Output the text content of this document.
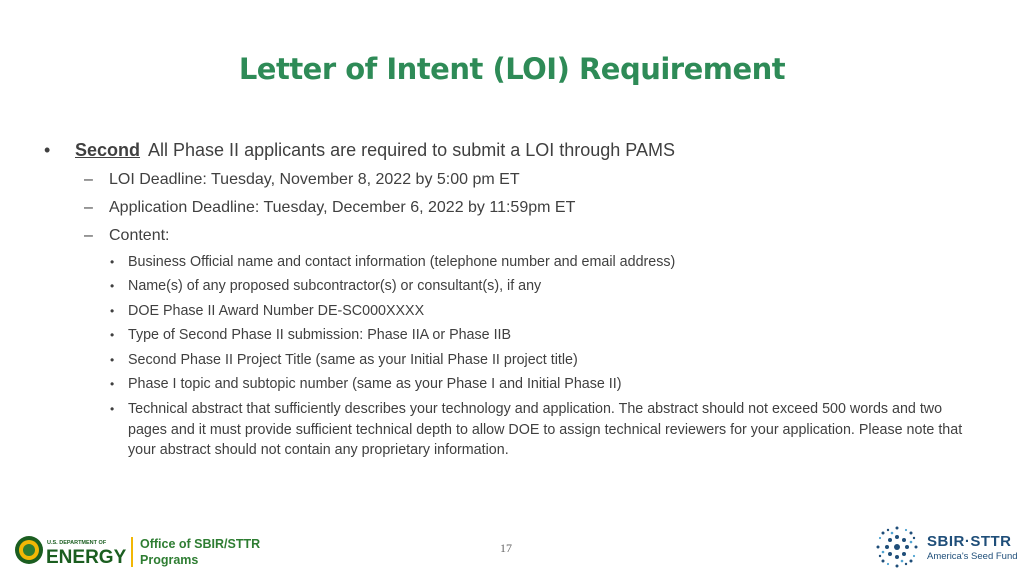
Letter of Intent (LOI) Requirement
• Second All Phase II applicants are required to submit a LOI through PAMS
– LOI Deadline: Tuesday, November 8, 2022 by 5:00 pm ET
– Application Deadline: Tuesday, December 6, 2022 by 11:59pm ET
– Content:
• Business Official name and contact information (telephone number and email address)
• Name(s) of any proposed subcontractor(s) or consultant(s), if any
• DOE Phase II Award Number DE-SC000XXXX
• Type of Second Phase II submission: Phase IIA or Phase IIB
• Second Phase II Project Title (same as your Initial Phase II project title)
• Phase I topic and subtopic number (same as your Phase I and Initial Phase II)
• Technical abstract that sufficiently describes your technology and application. The abstract should not exceed 500 words and two pages and it must provide sufficient technical depth to allow DOE to assign technical reviewers for your application. Please note that your abstract should not contain any proprietary information.
U.S. DEPARTMENT OF
ENERGY
Office of SBIR/STTR
Programs
17	SBIR·STTR
America's Seed Fund
